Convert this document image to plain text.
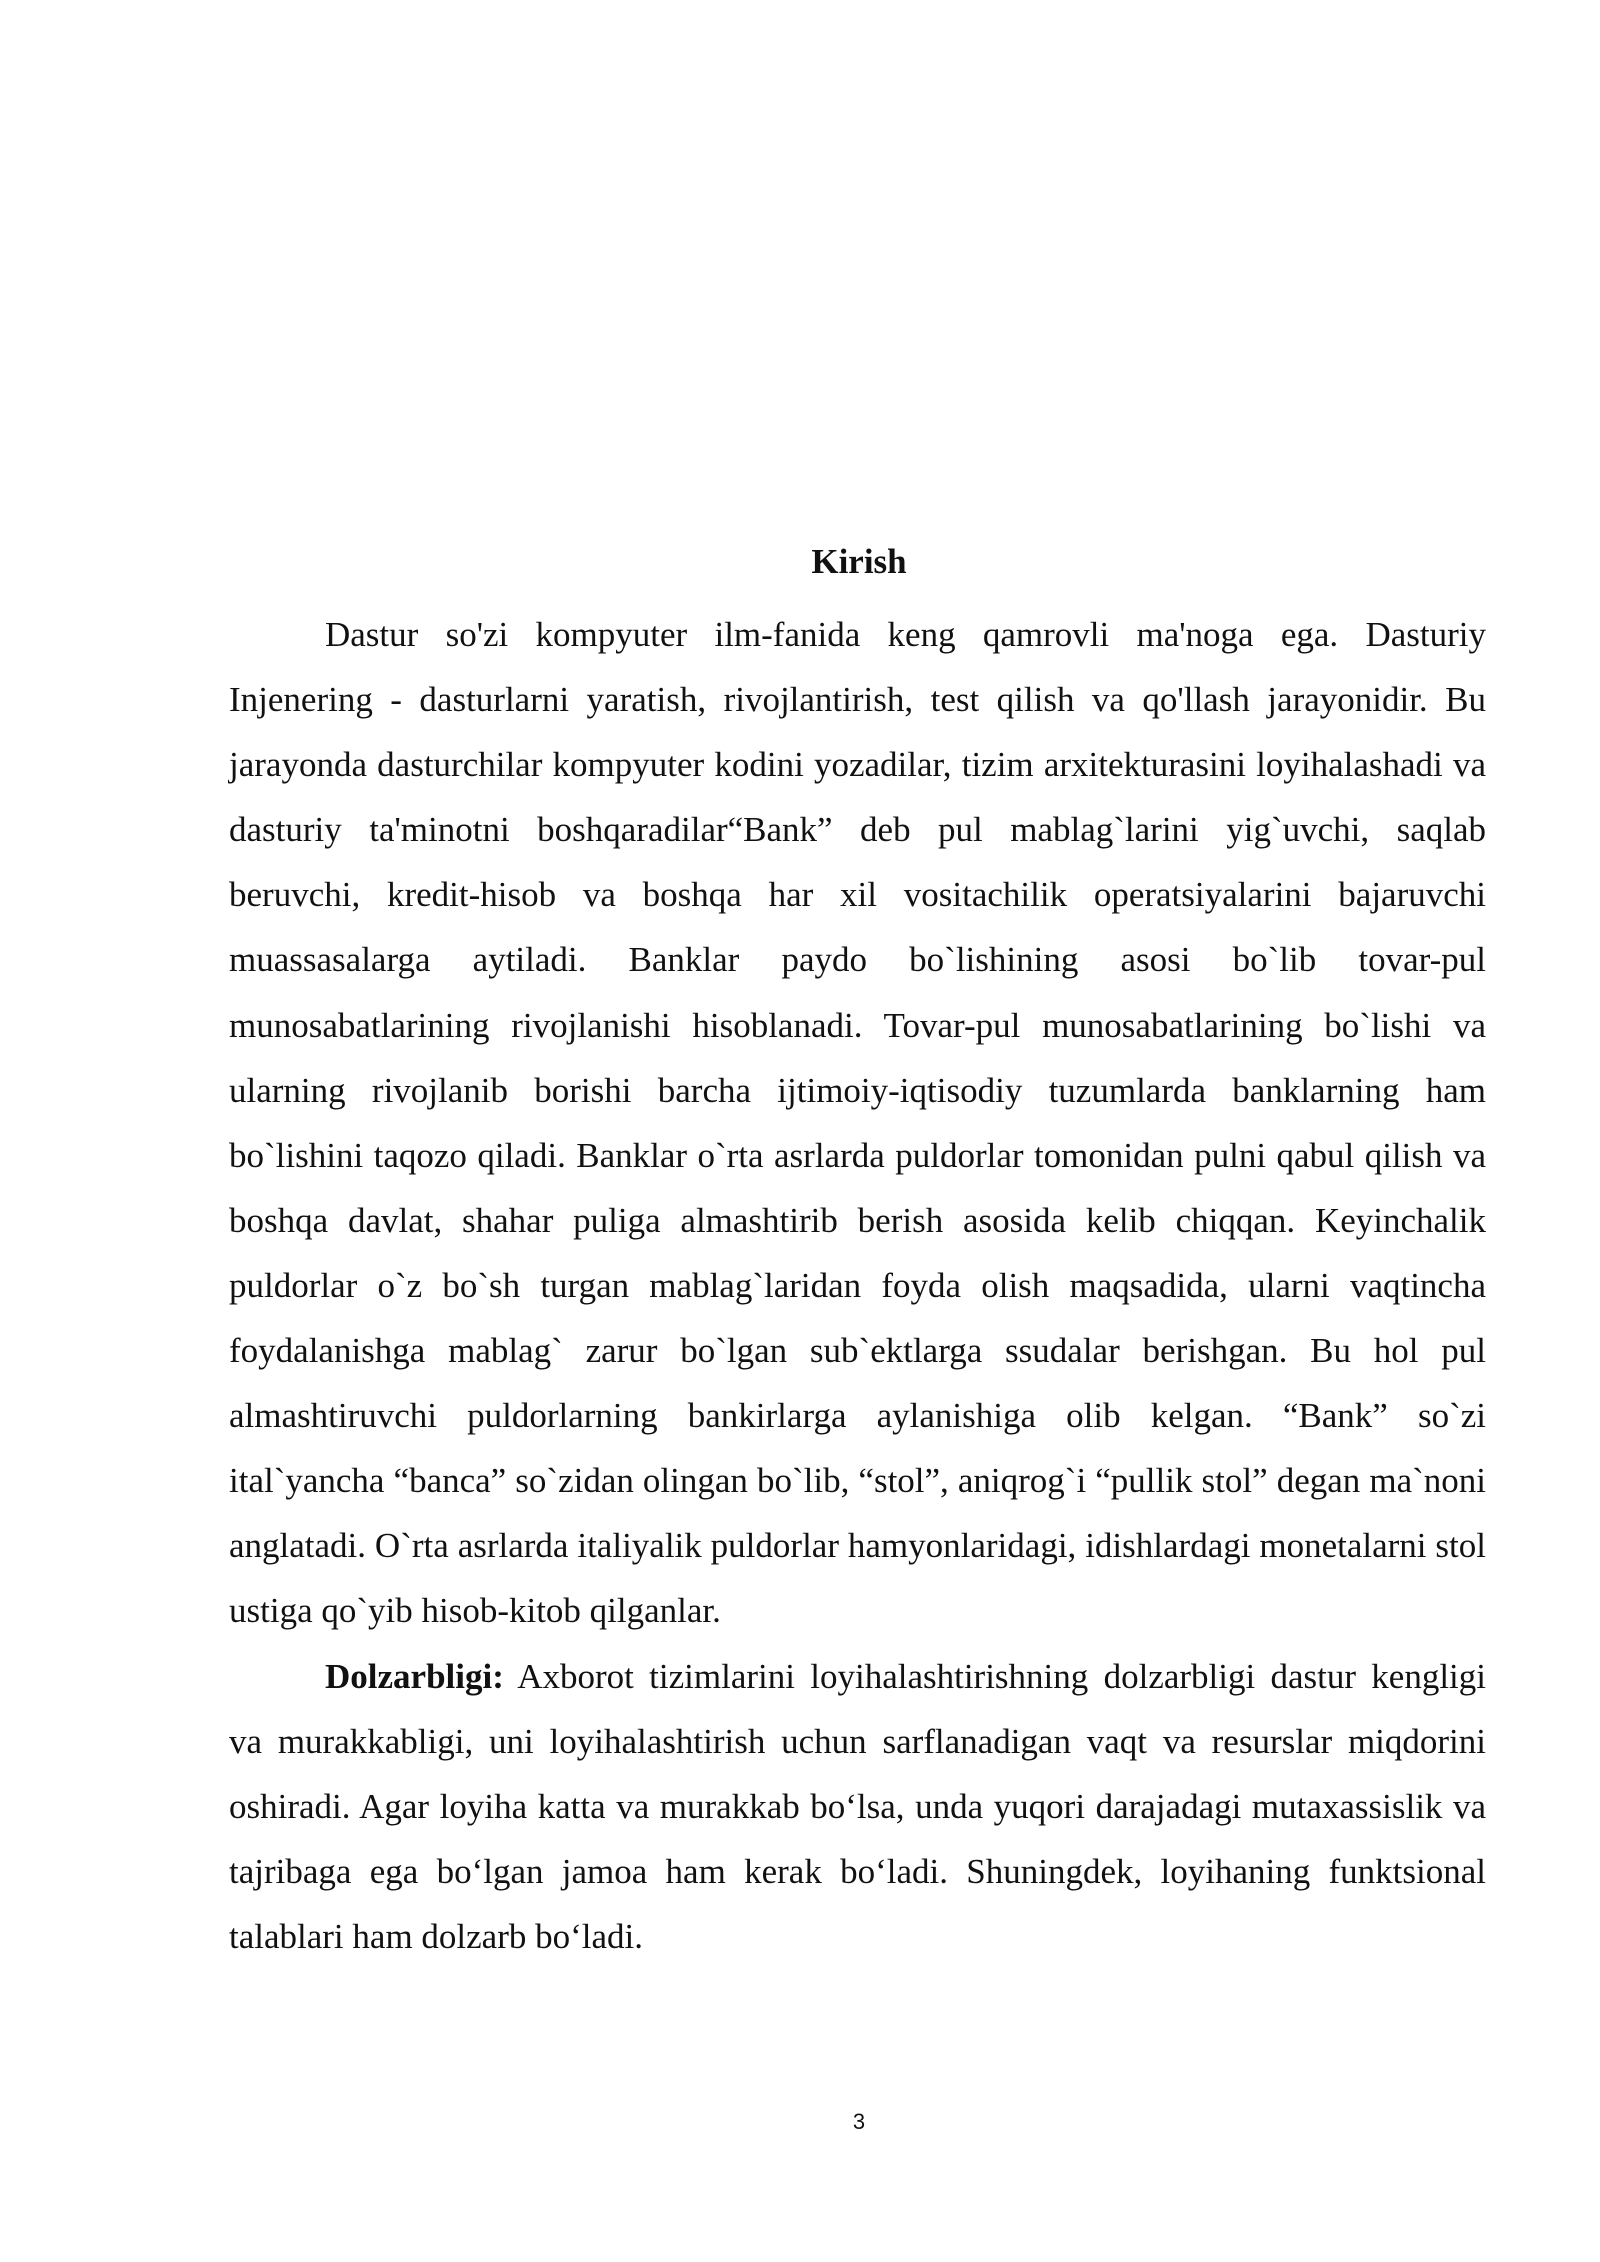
Kirish

Dastur so'zi kompyuter ilm-fanida keng qamrovli ma'noga ega. Dasturiy Injenering - dasturlarni yaratish, rivojlantirish, test qilish va qo'llash jarayonidir. Bu jarayonda dasturchilar kompyuter kodini yozadilar, tizim arxitekturasini loyihalashadi va dasturiy ta'minotni boshqaradilar“Bank” deb pul mablag`larini yig`uvchi, saqlab beruvchi, kredit-hisob va boshqa har xil vositachilik operatsiyalarini bajaruvchi muassasalarga aytiladi. Banklar paydo bo`lishining asosi bo`lib tovar-pul munosabatlarining rivojlanishi hisoblanadi. Tovar-pul munosabatlarining bo`lishi va ularning rivojlanib borishi barcha ijtimoiy-iqtisodiy tuzumlarda banklarning ham bo`lishini taqozo qiladi. Banklar o`rta asrlarda puldorlar tomonidan pulni qabul qilish va boshqa davlat, shahar puliga almashtirib berish asosida kelib chiqqan. Keyinchalik puldorlar o`z bo`sh turgan mablag`laridan foyda olish maqsadida, ularni vaqtincha foydalanishga mablag` zarur bo`lgan sub`ektlarga ssudalar berishgan. Bu hol pul almashtiruvchi puldorlarning bankirlarga aylanishiga olib kelgan. “Bank” so`zi ital`yancha “banca” so`zidan olingan bo`lib, “stol”, aniqrog`i “pullik stol” degan ma`noni anglatadi. O`rta asrlarda italiyalik puldorlar hamyonlaridagi, idishlardagi monetalarni stol ustiga qo`yib hisob-kitob qilganlar.

Dolzarbligi: Axborot tizimlarini loyihalashtirishning dolzarbligi dastur kengligi va murakkabligi, uni loyihalashtirish uchun sarflanadigan vaqt va resurslar miqdorini oshiradi. Agar loyiha katta va murakkab bo‘lsa, unda yuqori darajadagi mutaxassislik va tajribaga ega bo‘lgan jamoa ham kerak bo‘ladi. Shuningdek, loyihaning funktsional talablari ham dolzarb bo‘ladi.

3
